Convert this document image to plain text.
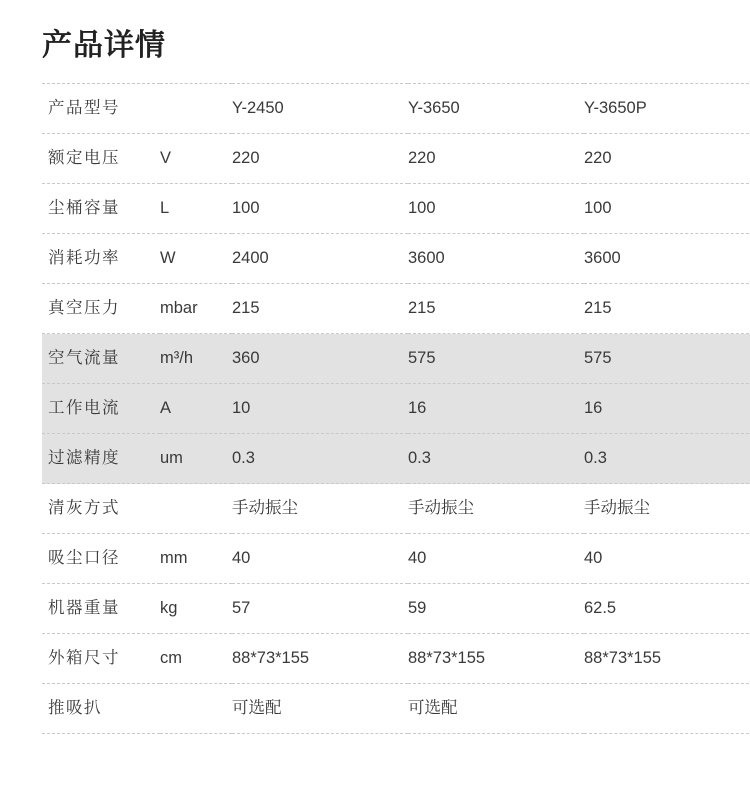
产品详情
产品型号		Y-2450	Y-3650	Y-3650P
额定电压	V	220	220	220
尘桶容量	L	100	100	100
消耗功率	W	2400	3600	3600
真空压力	mbar	215	215	215
空气流量	m³/h	360	575	575
工作电流	A	10	16	16
过滤精度	um	0.3	0.3	0.3
清灰方式		手动振尘	手动振尘	手动振尘
吸尘口径	mm	40	40	40
机器重量	kg	57	59	62.5
外箱尺寸	cm	88*73*155	88*73*155	88*73*155
推吸扒		可选配	可选配	
